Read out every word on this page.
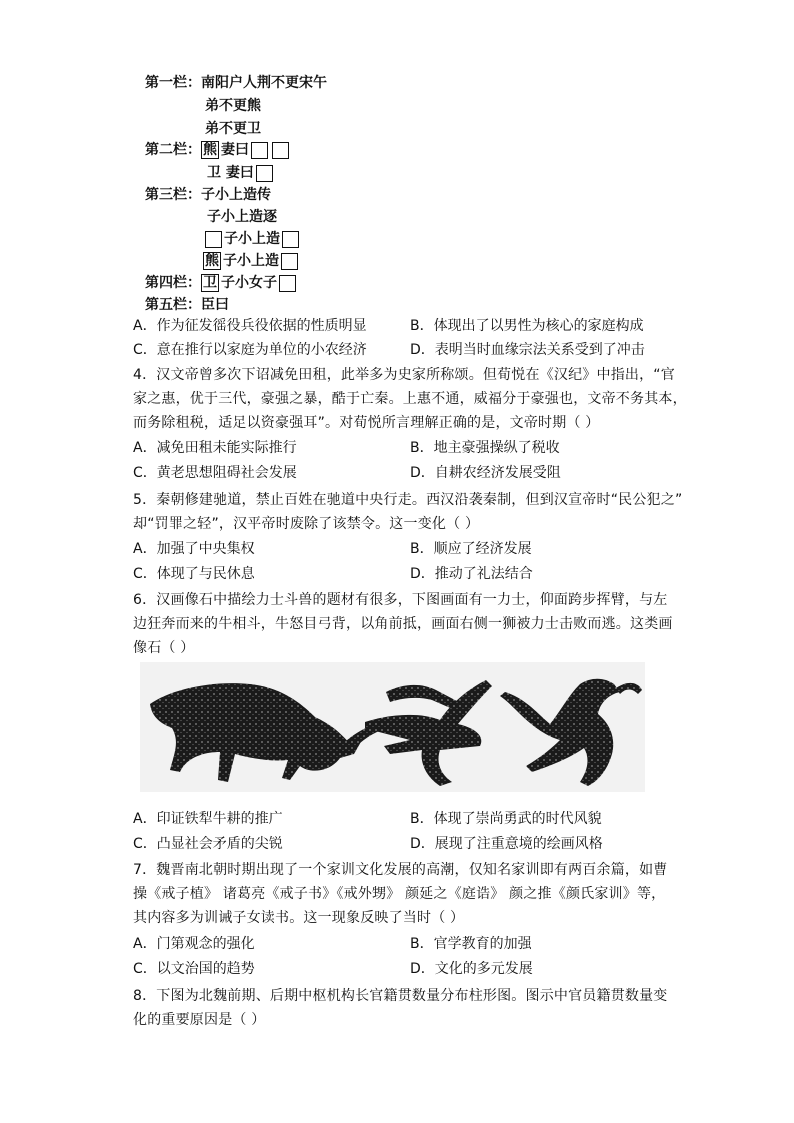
第一栏：南阳户人荆不更宋午
弟不更熊
弟不更卫
第二栏： 熊 妻曰
卫 妻曰
第三栏：子小上造传
子小上造逐
子小上造
熊 子小上造
第四栏： 卫 子小女子
第五栏：臣曰
A．作为征发徭役兵役依据的性质明显	B．体现出了以男性为核心的家庭构成
C．意在推行以家庭为单位的小农经济	D．表明当时血缘宗法关系受到了冲击
4．汉文帝曾多次下诏减免田租，此举多为史家所称颂。但荀悦在《汉纪》中指出，“官
家之惠，优于三代，豪强之暴，酷于亡秦。上惠不通，威福分于豪强也，文帝不务其本，
而务除租税，适足以资豪强耳”。对荀悦所言理解正确的是，文帝时期（ ）
A．减免田租未能实际推行	B．地主豪强操纵了税收
C．黄老思想阻碍社会发展	D．自耕农经济发展受阻
5．秦朝修建驰道，禁止百姓在驰道中央行走。西汉沿袭秦制，但到汉宣帝时“民公犯之”
却“罚罪之轻”，汉平帝时废除了该禁令。这一变化（ ）
A．加强了中央集权	B．顺应了经济发展
C．体现了与民休息	D．推动了礼法结合
6．汉画像石中描绘力士斗兽的题材有很多，下图画面有一力士，仰面跨步挥臂，与左
边狂奔而来的牛相斗，牛怒目弓背，以角前抵，画面右侧一狮被力士击败而逃。这类画
像石（ ）
A．印证铁犁牛耕的推广	B．体现了崇尚勇武的时代风貌
C．凸显社会矛盾的尖锐	D．展现了注重意境的绘画风格
7．魏晋南北朝时期出现了一个家训文化发展的高潮，仅知名家训即有两百余篇，如曹
操《戒子植》 诸葛亮《戒子书》《戒外甥》 颜延之《庭诰》 颜之推《颜氏家训》等，
其内容多为训诫子女读书。这一现象反映了当时（ ）
A．门第观念的强化	B．官学教育的加强
C．以文治国的趋势	D．文化的多元发展
8．下图为北魏前期、后期中枢机构长官籍贯数量分布柱形图。图示中官员籍贯数量变
化的重要原因是（ ）
